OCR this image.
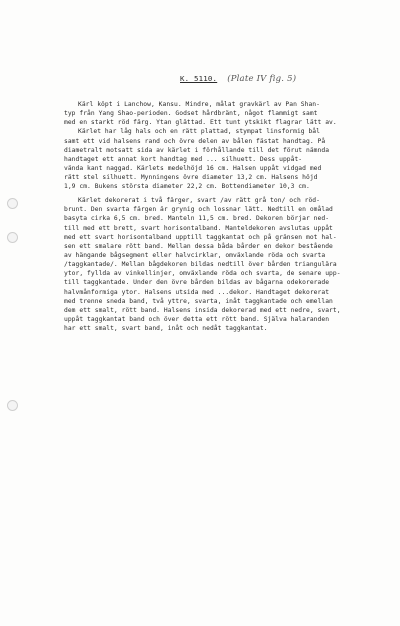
K. 5110. (Plate IV fig. 5)

Kärl köpt i Lanchow, Kansu. Mindre, målat gravkärl av Pan Shan-
typ från Yang Shao-perioden. Godset hårdbränt, något flammigt samt
med en starkt röd färg. Ytan glättad. Ett tunt ytskikt flagrar lätt av.
Kärlet har låg hals och en rätt plattad, stympat linsformig bål
samt ett vid halsens rand och övre delen av bålen fästat handtag. På
diametralt motsatt sida av kärlet i förhållande till det förut nämnda
handtaget ett annat kort handtag med ... silhuett. Dess uppåt-
vända kant naggad. Kärlets medelhöjd 16 cm. Halsen uppåt vidgad med
rätt stel silhuett. Mynningens övre diameter 13,2 cm. Halsens höjd
1,9 cm. Bukens största diameter 22,2 cm. Bottendiameter 10,3 cm.

Kärlet dekorerat i två färger, svart /av rätt grå ton/ och röd-
brunt. Den svarta färgen är grynig och lossnar lätt. Nedtill en omålad
basyta cirka 6,5 cm. bred. Manteln 11,5 cm. bred. Dekoren börjar ned-
till med ett brett, svart horisontalband. Manteldekoren avslutas uppåt
med ett svart horisontalband upptill taggkantat och på gränsen mot hal-
sen ett smalare rött band. Mellan dessa båda bårder en dekor bestående
av hängande bågsegment eller halvcirklar, omväxlande röda och svarta
/taggkantade/. Mellan bågdekoren bildas nedtill över bården triangulära
ytor, fyllda av vinkellinjer, omväxlande röda och svarta, de senare upp-
till taggkantade. Under den övre bården bildas av bågarna odekorerade
halvmånformiga ytor. Halsens utsida med ...dekor. Handtaget dekorerat
med trenne snedа band, två yttre, svarta, inåt taggkantade och emellan
dem ett smalt, rött band. Halsens insida dekorerad med ett nedre, svart,
uppåt taggkantat band och över detta ett rött band. Själva halaranden
har ett smalt, svart band, inåt och nedåt taggkantat.
